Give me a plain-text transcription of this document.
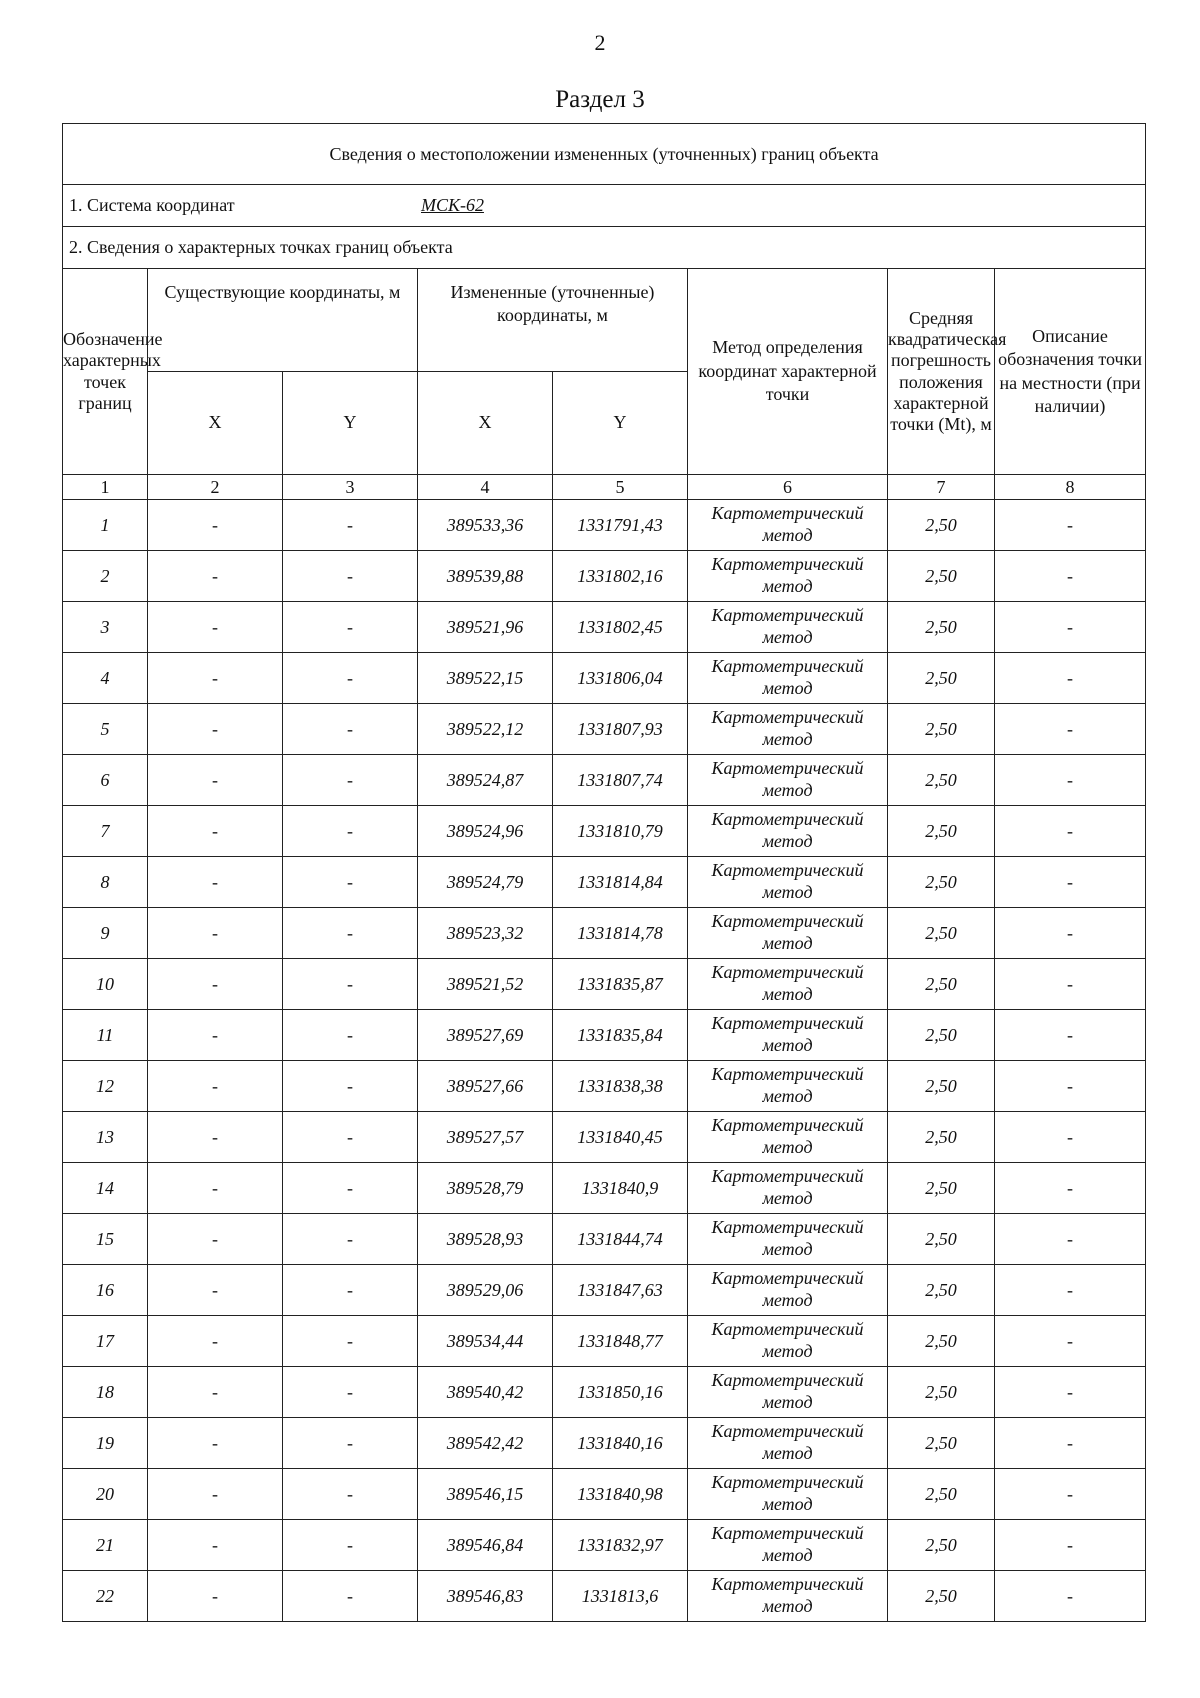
2
Раздел 3
Сведения о местоположении измененных (уточненных) границ объекта							
1. Система координат МСК-62							

2. Сведения о характерных точках границ объекта							
Обозначение характерных точек границ	Существующие координаты, м		Измененные (уточненные) координаты, м		Метод определения координат характерной точки	Средняя квадратическая погрешность положения характерной точки (Mt), м	Описание обозначения точки на местности (при наличии)
	X	Y	X	Y			
1	2	3	4	5	6	7	8
1	-	-	389533,36	1331791,43	Картометрический метод	2,50	-
2	-	-	389539,88	1331802,16	Картометрический метод	2,50	-
3	-	-	389521,96	1331802,45	Картометрический метод	2,50	-
4	-	-	389522,15	1331806,04	Картометрический метод	2,50	-
5	-	-	389522,12	1331807,93	Картометрический метод	2,50	-
6	-	-	389524,87	1331807,74	Картометрический метод	2,50	-
7	-	-	389524,96	1331810,79	Картометрический метод	2,50	-
8	-	-	389524,79	1331814,84	Картометрический метод	2,50	-
9	-	-	389523,32	1331814,78	Картометрический метод	2,50	-
10	-	-	389521,52	1331835,87	Картометрический метод	2,50	-
11	-	-	389527,69	1331835,84	Картометрический метод	2,50	-
12	-	-	389527,66	1331838,38	Картометрический метод	2,50	-
13	-	-	389527,57	1331840,45	Картометрический метод	2,50	-
14	-	-	389528,79	1331840,9	Картометрический метод	2,50	-
15	-	-	389528,93	1331844,74	Картометрический метод	2,50	-
16	-	-	389529,06	1331847,63	Картометрический метод	2,50	-
17	-	-	389534,44	1331848,77	Картометрический метод	2,50	-
18	-	-	389540,42	1331850,16	Картометрический метод	2,50	-
19	-	-	389542,42	1331840,16	Картометрический метод	2,50	-
20	-	-	389546,15	1331840,98	Картометрический метод	2,50	-
21	-	-	389546,84	1331832,97	Картометрический метод	2,50	-
22	-	-	389546,83	1331813,6	Картометрический метод	2,50	-
